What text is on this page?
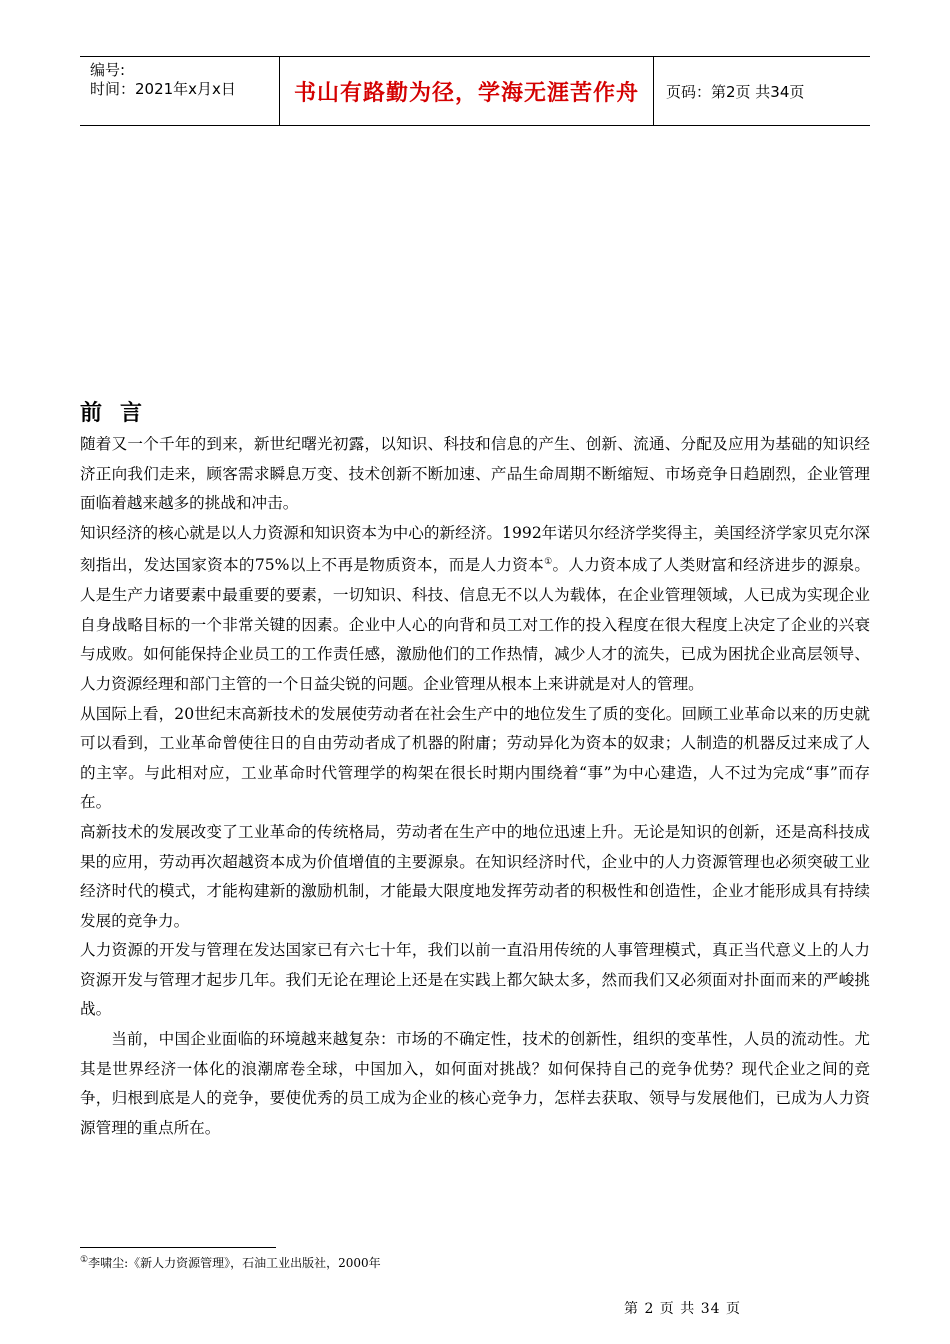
编号:
时间：2021年x月x日	书山有路勤为径，学海无涯苦作舟 页码：第2页 共34页
前言

随着又一个千年的到来，新世纪曙光初露，以知识、科技和信息的产生、创新、流通、分配及应用为基础的知识经济正向我们走来，顾客需求瞬息万变、技术创新不断加速、产品生命周期不断缩短、市场竞争日趋剧烈，企业管理面临着越来越多的挑战和冲击。

知识经济的核心就是以人力资源和知识资本为中心的新经济。1992年诺贝尔经济学奖得主，美国经济学家贝克尔深刻指出，发达国家资本的75%以上不再是物质资本，而是人力资本①。人力资本成了人类财富和经济进步的源泉。人是生产力诸要素中最重要的要素，一切知识、科技、信息无不以人为载体，在企业管理领域，人已成为实现企业自身战略目标的一个非常关键的因素。企业中人心的向背和员工对工作的投入程度在很大程度上决定了企业的兴衰与成败。如何能保持企业员工的工作责任感，激励他们的工作热情，减少人才的流失，已成为困扰企业高层领导、人力资源经理和部门主管的一个日益尖锐的问题。企业管理从根本上来讲就是对人的管理。

从国际上看，20世纪末高新技术的发展使劳动者在社会生产中的地位发生了质的变化。回顾工业革命以来的历史就可以看到，工业革命曾使往日的自由劳动者成了机器的附庸；劳动异化为资本的奴隶；人制造的机器反过来成了人的主宰。与此相对应，工业革命时代管理学的构架在很长时期内围绕着“事”为中心建造，人不过为完成“事”而存在。

高新技术的发展改变了工业革命的传统格局，劳动者在生产中的地位迅速上升。无论是知识的创新，还是高科技成果的应用，劳动再次超越资本成为价值增值的主要源泉。在知识经济时代，企业中的人力资源管理也必须突破工业经济时代的模式，才能构建新的激励机制，才能最大限度地发挥劳动者的积极性和创造性，企业才能形成具有持续发展的竞争力。

人力资源的开发与管理在发达国家已有六七十年，我们以前一直沿用传统的人事管理模式，真正当代意义上的人力资源开发与管理才起步几年。我们无论在理论上还是在实践上都欠缺太多，然而我们又必须面对扑面而来的严峻挑战。

当前，中国企业面临的环境越来越复杂：市场的不确定性，技术的创新性，组织的变革性，人员的流动性。尤其是世界经济一体化的浪潮席卷全球，中国加入，如何面对挑战？如何保持自己的竞争优势？现代企业之间的竞争，归根到底是人的竞争，要使优秀的员工成为企业的核心竞争力，怎样去获取、领导与发展他们，已成为人力资源管理的重点所在。

①李啸尘:《新人力资源管理》，石油工业出版社，2000年
第 2 页 共 34 页
